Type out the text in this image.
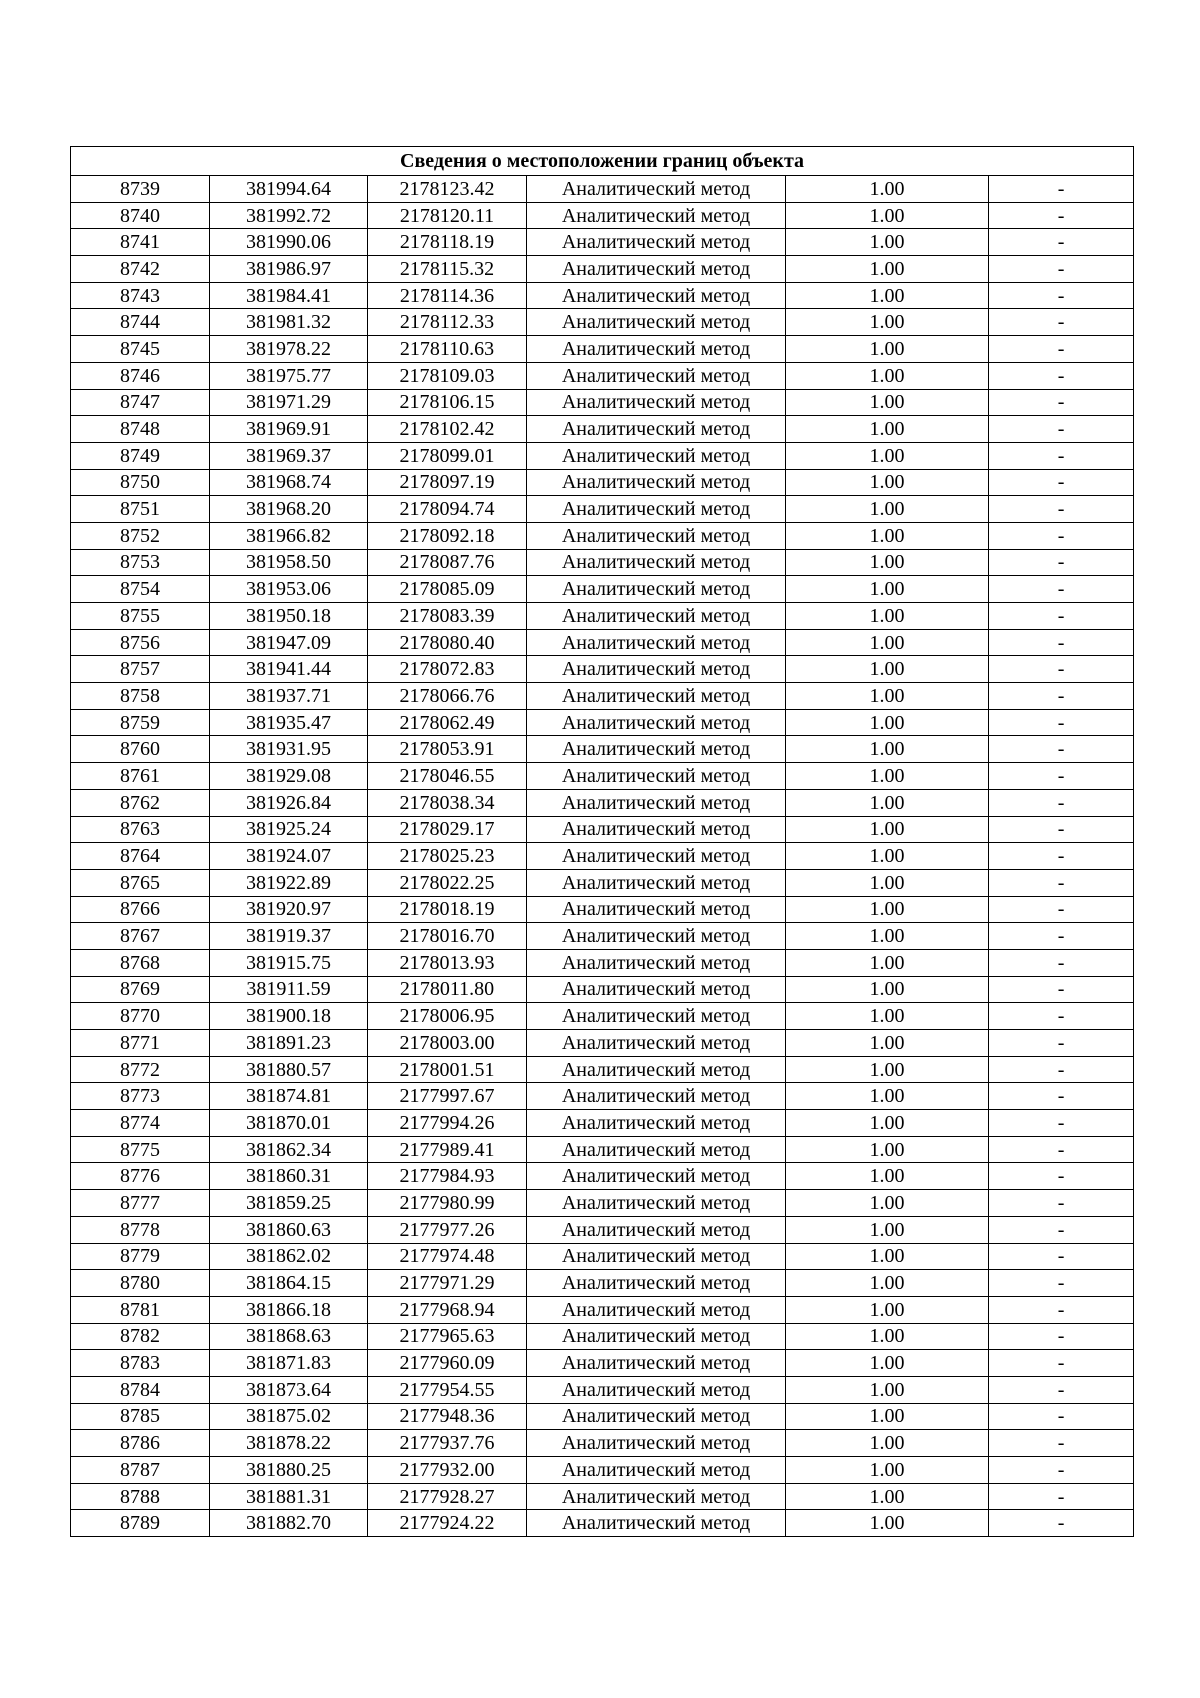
Сведения о местоположении границ объекта					
8739	381994.64	2178123.42	Аналитический метод	1.00	-
8740	381992.72	2178120.11	Аналитический метод	1.00	-
8741	381990.06	2178118.19	Аналитический метод	1.00	-
8742	381986.97	2178115.32	Аналитический метод	1.00	-
8743	381984.41	2178114.36	Аналитический метод	1.00	-
8744	381981.32	2178112.33	Аналитический метод	1.00	-
8745	381978.22	2178110.63	Аналитический метод	1.00	-
8746	381975.77	2178109.03	Аналитический метод	1.00	-
8747	381971.29	2178106.15	Аналитический метод	1.00	-
8748	381969.91	2178102.42	Аналитический метод	1.00	-
8749	381969.37	2178099.01	Аналитический метод	1.00	-
8750	381968.74	2178097.19	Аналитический метод	1.00	-
8751	381968.20	2178094.74	Аналитический метод	1.00	-
8752	381966.82	2178092.18	Аналитический метод	1.00	-
8753	381958.50	2178087.76	Аналитический метод	1.00	-
8754	381953.06	2178085.09	Аналитический метод	1.00	-
8755	381950.18	2178083.39	Аналитический метод	1.00	-
8756	381947.09	2178080.40	Аналитический метод	1.00	-
8757	381941.44	2178072.83	Аналитический метод	1.00	-
8758	381937.71	2178066.76	Аналитический метод	1.00	-
8759	381935.47	2178062.49	Аналитический метод	1.00	-
8760	381931.95	2178053.91	Аналитический метод	1.00	-
8761	381929.08	2178046.55	Аналитический метод	1.00	-
8762	381926.84	2178038.34	Аналитический метод	1.00	-
8763	381925.24	2178029.17	Аналитический метод	1.00	-
8764	381924.07	2178025.23	Аналитический метод	1.00	-
8765	381922.89	2178022.25	Аналитический метод	1.00	-
8766	381920.97	2178018.19	Аналитический метод	1.00	-
8767	381919.37	2178016.70	Аналитический метод	1.00	-
8768	381915.75	2178013.93	Аналитический метод	1.00	-
8769	381911.59	2178011.80	Аналитический метод	1.00	-
8770	381900.18	2178006.95	Аналитический метод	1.00	-
8771	381891.23	2178003.00	Аналитический метод	1.00	-
8772	381880.57	2178001.51	Аналитический метод	1.00	-
8773	381874.81	2177997.67	Аналитический метод	1.00	-
8774	381870.01	2177994.26	Аналитический метод	1.00	-
8775	381862.34	2177989.41	Аналитический метод	1.00	-
8776	381860.31	2177984.93	Аналитический метод	1.00	-
8777	381859.25	2177980.99	Аналитический метод	1.00	-
8778	381860.63	2177977.26	Аналитический метод	1.00	-
8779	381862.02	2177974.48	Аналитический метод	1.00	-
8780	381864.15	2177971.29	Аналитический метод	1.00	-
8781	381866.18	2177968.94	Аналитический метод	1.00	-
8782	381868.63	2177965.63	Аналитический метод	1.00	-
8783	381871.83	2177960.09	Аналитический метод	1.00	-
8784	381873.64	2177954.55	Аналитический метод	1.00	-
8785	381875.02	2177948.36	Аналитический метод	1.00	-
8786	381878.22	2177937.76	Аналитический метод	1.00	-
8787	381880.25	2177932.00	Аналитический метод	1.00	-
8788	381881.31	2177928.27	Аналитический метод	1.00	-
8789	381882.70	2177924.22	Аналитический метод	1.00	-
